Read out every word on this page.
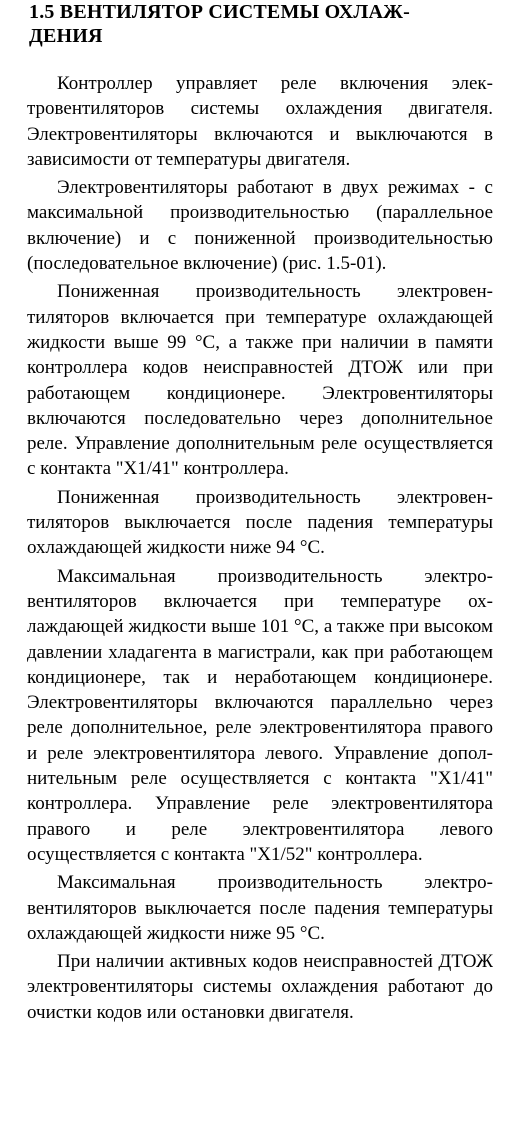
1.5 ВЕНТИЛЯТОР СИСТЕМЫ ОХЛАЖ-
ДЕНИЯ

Контроллер управляет реле включения электровентиляторов системы охлаждения двигателя. Электровентиляторы включаются и выключаются в зависимости от температуры двигателя.

Электровентиляторы работают в двух режимах - с максимальной производительностью (параллельное включение) и с пониженной производительностью (последовательное включение) (рис. 1.5-01).

Пониженная производительность электровентиляторов включается при температуре охлаждающей жидкости выше 99 °С, а также при наличии в памяти контроллера кодов неисправностей ДТОЖ или при работающем кондиционере. Электровентиляторы включаются последовательно через дополнительное реле. Управление дополнительным реле осуществляется с контакта "X1/41" контроллера.

Пониженная производительность электровентиляторов выключается после падения температуры охлаждающей жидкости ниже 94 °С.

Максимальная производительность электровентиляторов включается при температуре охлаждающей жидкости выше 101 °С, а также при высоком давлении хладагента в магистрали, как при работающем кондиционере, так и неработающем кондиционере. Электровентиляторы включаются параллельно через реле дополнительное, реле электровентилятора правого и реле электровентилятора левого. Управление дополнительным реле осуществляется с контакта "X1/41" контроллера. Управление реле электровентилятора правого и реле электровентилятора левого осуществляется с контакта "X1/52" контроллера.

Максимальная производительность электровентиляторов выключается после падения температуры охлаждающей жидкости ниже 95 °С.

При наличии активных кодов неисправностей ДТОЖ электровентиляторы системы охлаждения работают до очистки кодов или остановки двигателя.
